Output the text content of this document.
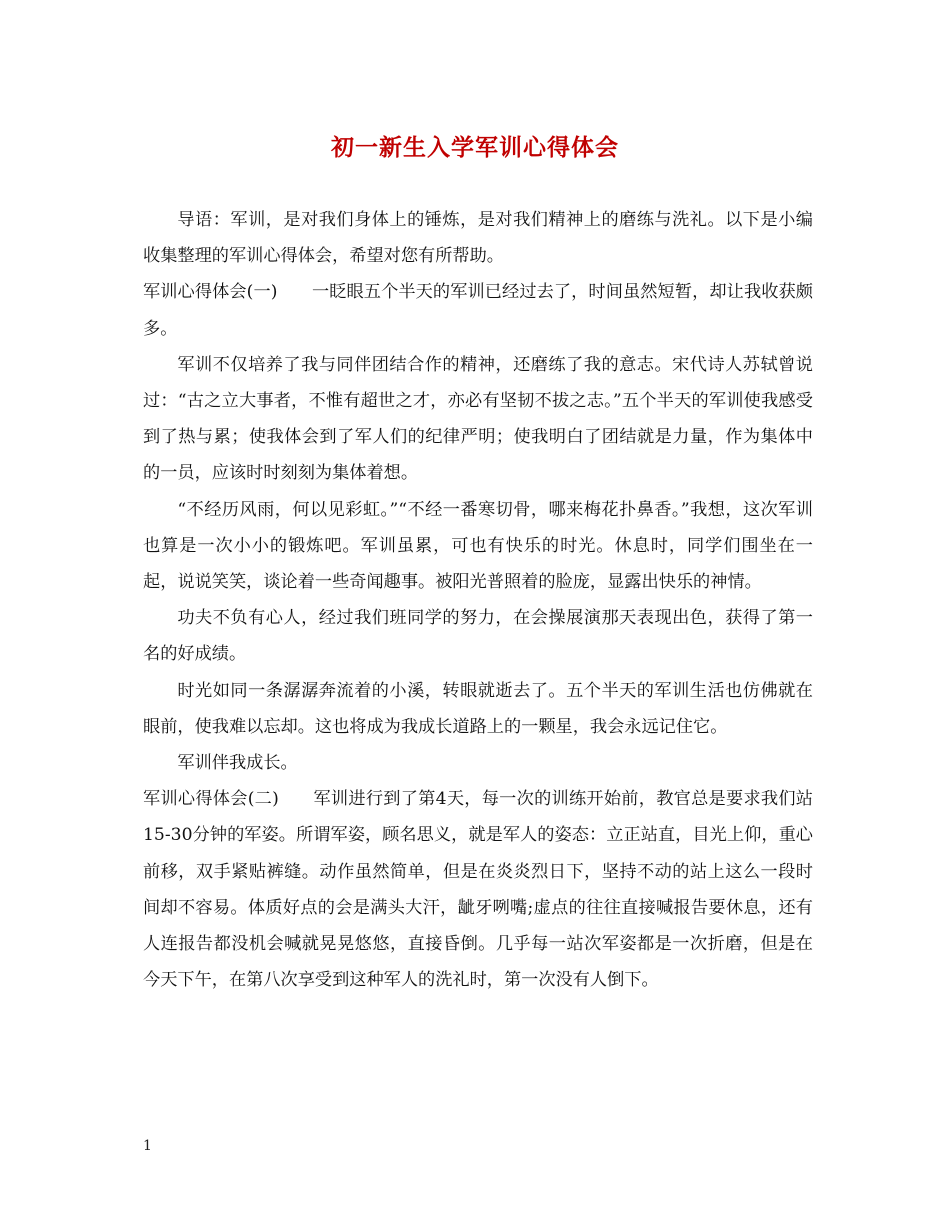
初一新生入学军训心得体会

导语：军训，是对我们身体上的锤炼，是对我们精神上的磨练与洗礼。以下是小编收集整理的军训心得体会，希望对您有所帮助。

军训心得体会(一) 一眨眼五个半天的军训已经过去了，时间虽然短暂，却让我收获颇多。

军训不仅培养了我与同伴团结合作的精神，还磨练了我的意志。宋代诗人苏轼曾说过：“古之立大事者，不惟有超世之才，亦必有坚韧不拔之志。”五个半天的军训使我感受到了热与累；使我体会到了军人们的纪律严明；使我明白了团结就是力量，作为集体中的一员，应该时时刻刻为集体着想。

“不经历风雨，何以见彩虹。”“不经一番寒切骨，哪来梅花扑鼻香。”我想，这次军训也算是一次小小的锻炼吧。军训虽累，可也有快乐的时光。休息时，同学们围坐在一起，说说笑笑，谈论着一些奇闻趣事。被阳光普照着的脸庞，显露出快乐的神情。

功夫不负有心人，经过我们班同学的努力，在会操展演那天表现出色，获得了第一名的好成绩。

时光如同一条潺潺奔流着的小溪，转眼就逝去了。五个半天的军训生活也仿佛就在眼前，使我难以忘却。这也将成为我成长道路上的一颗星，我会永远记住它。

军训伴我成长。

军训心得体会(二) 军训进行到了第4天，每一次的训练开始前，教官总是要求我们站15-30分钟的军姿。所谓军姿，顾名思义，就是军人的姿态：立正站直，目光上仰，重心前移，双手紧贴裤缝。动作虽然简单，但是在炎炎烈日下，坚持不动的站上这么一段时间却不容易。体质好点的会是满头大汗，龇牙咧嘴;虚点的往往直接喊报告要休息，还有人连报告都没机会喊就晃晃悠悠，直接昏倒。几乎每一站次军姿都是一次折磨，但是在今天下午，在第八次享受到这种军人的洗礼时，第一次没有人倒下。

1
